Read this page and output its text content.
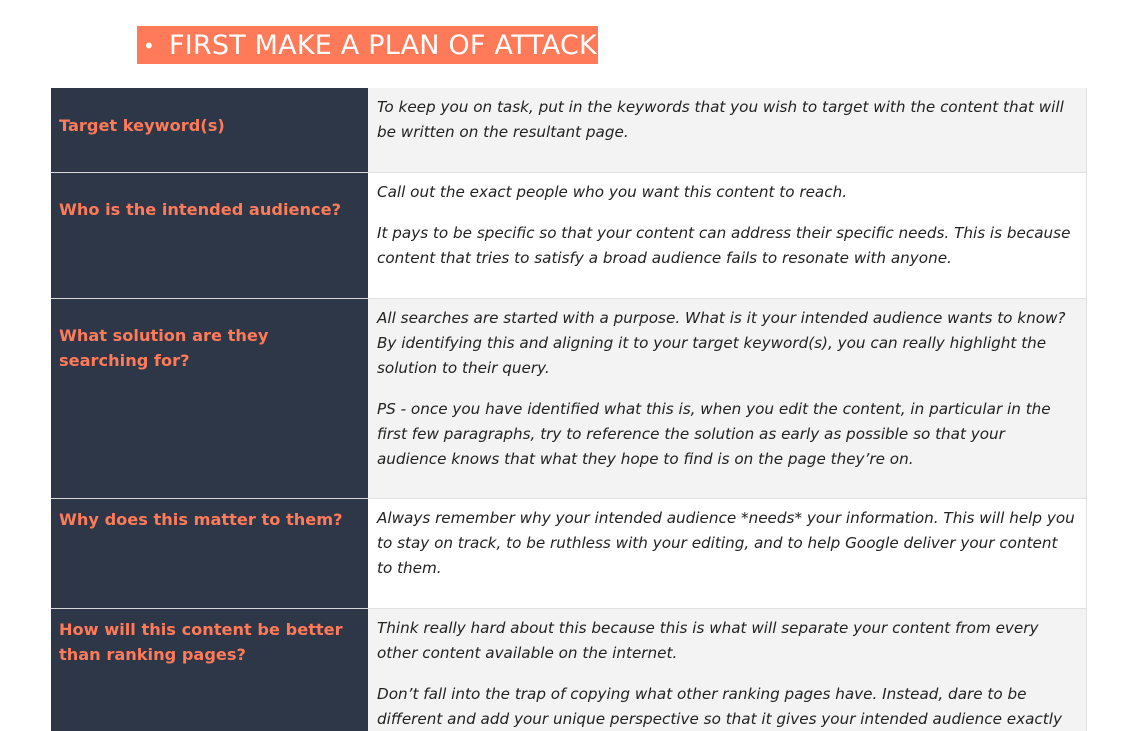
• FIRST MAKE A PLAN OF ATTACK
Target keyword(s)	To keep you on task, put in the keywords that you wish to target with the content that will be written on the resultant page.

Who is the intended audience?	Call out the exact people who you want this content to reach.

It pays to be specific so that your content can address their specific needs. This is because content that tries to satisfy a broad audience fails to resonate with anyone.

What solution are they searching for?	All searches are started with a purpose. What is it your intended audience wants to know? By identifying this and aligning it to your target keyword(s), you can really highlight the solution to their query.

PS - once you have identified what this is, when you edit the content, in particular in the first few paragraphs, try to reference the solution as early as possible so that your audience knows that what they hope to find is on the page they’re on.

Why does this matter to them?	Always remember why your intended audience *needs* your information. This will help you to stay on track, to be ruthless with your editing, and to help Google deliver your content to them.

How will this content be better than ranking pages?	Think really hard about this because this is what will separate your content from every other content available on the internet.

Don’t fall into the trap of copying what other ranking pages have. Instead, dare to be different and add your unique perspective so that it gives your intended audience exactly
